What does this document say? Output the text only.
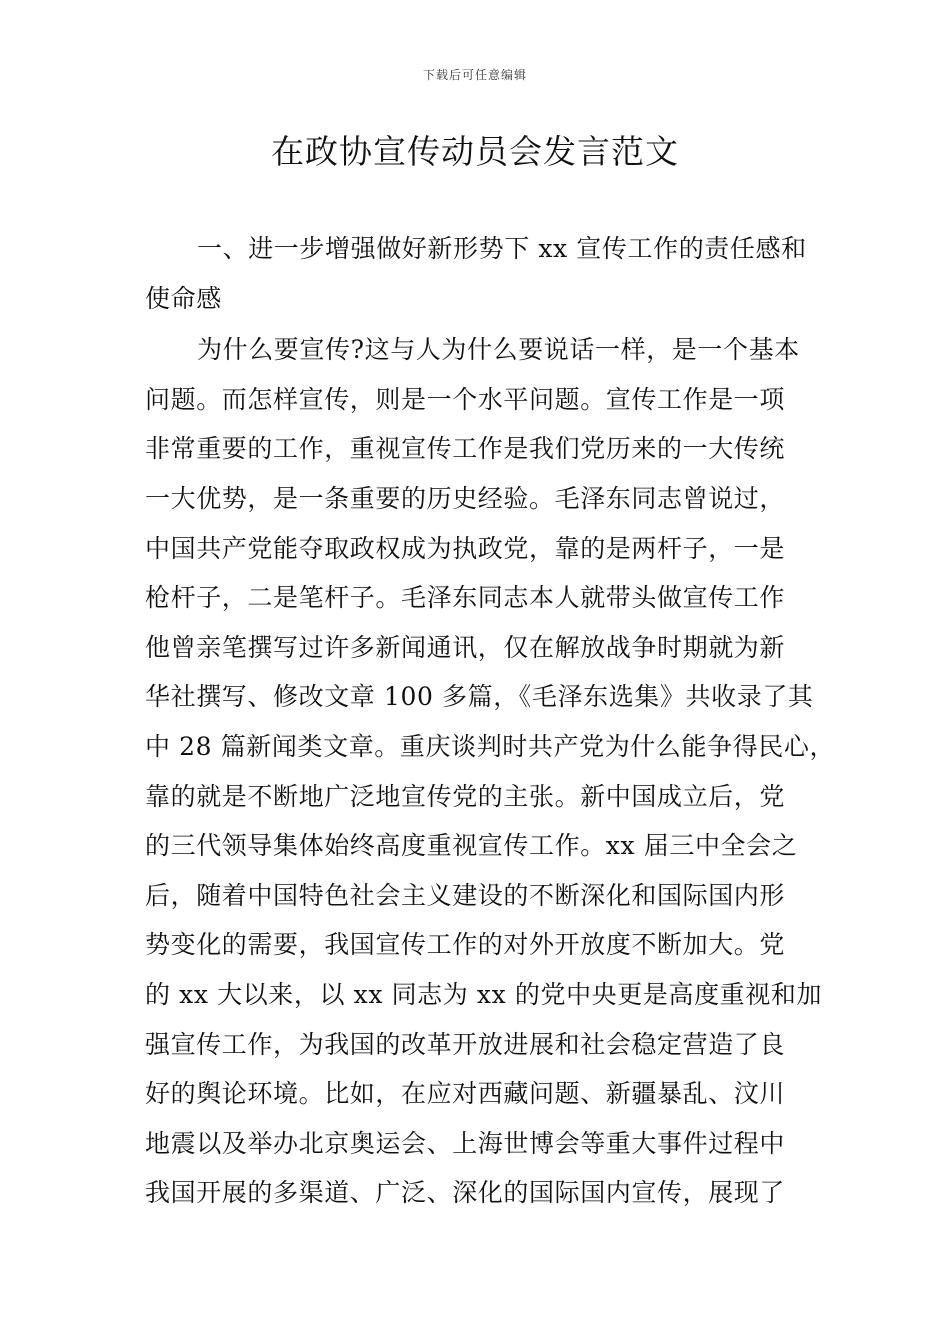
下载后可任意编辑
在政协宣传动员会发言范文
一、进一步增强做好新形势下 xx 宣传工作的责任感和
使命感
为什么要宣传?这与人为什么要说话一样，是一个基本
问题。而怎样宣传，则是一个水平问题。宣传工作是一项
非常重要的工作，重视宣传工作是我们党历来的一大传统
一大优势，是一条重要的历史经验。毛泽东同志曾说过，
中国共产党能夺取政权成为执政党，靠的是两杆子，一是
枪杆子，二是笔杆子。毛泽东同志本人就带头做宣传工作
他曾亲笔撰写过许多新闻通讯，仅在解放战争时期就为新
华社撰写、修改文章 100 多篇，《毛泽东选集》共收录了其
中 28 篇新闻类文章。重庆谈判时共产党为什么能争得民心，
靠的就是不断地广泛地宣传党的主张。新中国成立后，党
的三代领导集体始终高度重视宣传工作。xx 届三中全会之
后，随着中国特色社会主义建设的不断深化和国际国内形
势变化的需要，我国宣传工作的对外开放度不断加大。党
的 xx 大以来，以 xx 同志为 xx 的党中央更是高度重视和加
强宣传工作，为我国的改革开放进展和社会稳定营造了良
好的舆论环境。比如，在应对西藏问题、新疆暴乱、汶川
地震以及举办北京奥运会、上海世博会等重大事件过程中
我国开展的多渠道、广泛、深化的国际国内宣传，展现了
